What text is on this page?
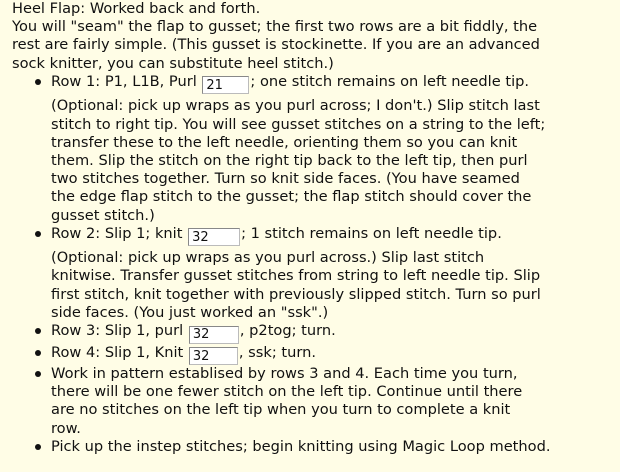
Heel Flap: Worked back and forth.
You will "seam" the flap to gusset; the first two rows are a bit fiddly, the
rest are fairly simple. (This gusset is stockinette. If you are an advanced
sock knitter, you can substitute heel stitch.)
Row 1: P1, L1B, Purl 21	; one stitch remains on left needle tip.
(Optional: pick up wraps as you purl across; I don't.) Slip stitch last
stitch to right tip. You will see gusset stitches on a string to the left;
transfer these to the left needle, orienting them so you can knit
them. Slip the stitch on the right tip back to the left tip, then purl
two stitches together. Turn so knit side faces. (You have seamed
the edge flap stitch to the gusset; the flap stitch should cover the
gusset stitch.)
Row 2: Slip 1; knit 32	; 1 stitch remains on left needle tip.
(Optional: pick up wraps as you purl across.) Slip last stitch
knitwise. Transfer gusset stitches from string to left needle tip. Slip
first stitch, knit together with previously slipped stitch. Turn so purl
side faces. (You just worked an "ssk".)
Row 3: Slip 1, purl 32	, p2tog; turn.
Row 4: Slip 1, Knit 32	, ssk; turn.
Work in pattern establised by rows 3 and 4. Each time you turn,
there will be one fewer stitch on the left tip. Continue until there
are no stitches on the left tip when you turn to complete a knit
row.
Pick up the instep stitches; begin knitting using Magic Loop method.
